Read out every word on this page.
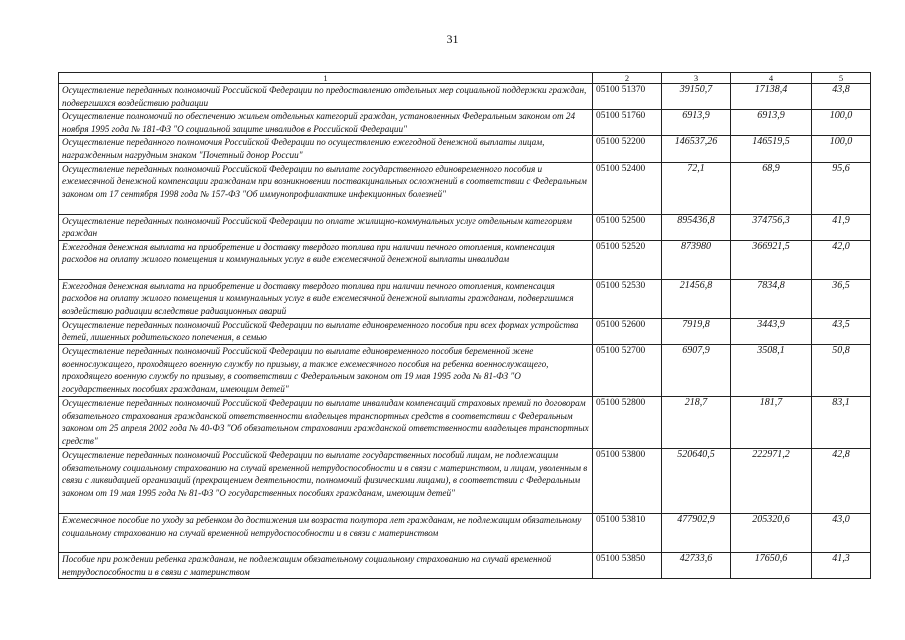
31
1	2	3	4	5
Осуществление переданных полномочий Российской Федерации по предоставлению отдельных мер социальной поддержки граждан, подвергшихся воздействию радиации	05100 51370	39150,7	17138,4	43,8
Осуществление полномочий по обеспечению жильем отдельных категорий граждан, установленных Федеральным законом от 24 ноября 1995 года № 181-ФЗ "О социальной защите инвалидов в Российской Федерации"	05100 51760	6913,9	6913,9	100,0
Осуществление переданного полномочия Российской Федерации по осуществлению ежегодной денежной выплаты лицам, награжденным нагрудным знаком "Почетный донор России"	05100 52200	146537,26	146519,5	100,0
Осуществление переданных полномочий Российской Федерации по выплате государственного единовременного пособия и ежемесячной денежной компенсации гражданам при возникновении поствакцинальных осложнений в соответствии с Федеральным законом от 17 сентября 1998 года № 157-ФЗ "Об иммунопрофилактике инфекционных болезней"	05100 52400	72,1	68,9	95,6
Осуществление переданных полномочий Российской Федерации по оплате жилищно-коммунальных услуг отдельным категориям граждан	05100 52500	895436,8	374756,3	41,9
Ежегодная денежная выплата на приобретение и доставку твердого топлива при наличии печного отопления, компенсация расходов на оплату жилого помещения и коммунальных услуг в виде ежемесячной денежной выплаты инвалидам	05100 52520	873980	366921,5	42,0
Ежегодная денежная выплата на приобретение и доставку твердого топлива при наличии печного отопления, компенсация расходов на оплату жилого помещения и коммунальных услуг в виде ежемесячной денежной выплаты гражданам, подвергшимся воздействию радиации вследствие радиационных аварий	05100 52530	21456,8	7834,8	36,5
Осуществление переданных полномочий Российской Федерации по выплате единовременного пособия при всех формах устройства детей, лишенных родительского попечения, в семью	05100 52600	7919,8	3443,9	43,5
Осуществление переданных полномочий Российской Федерации по выплате единовременного пособия беременной жене военнослужащего, проходящего военную службу по призыву, а также ежемесячного пособия на ребенка военнослужащего, проходящего военную службу по призыву, в соответствии с Федеральным законом от 19 мая 1995 года № 81-ФЗ "О государственных пособиях гражданам, имеющим детей"	05100 52700	6907,9	3508,1	50,8
Осуществление переданных полномочий Российской Федерации по выплате инвалидам компенсаций страховых премий по договорам обязательного страхования гражданской ответственности владельцев транспортных средств в соответствии с Федеральным законом от 25 апреля 2002 года № 40-ФЗ "Об обязательном страховании гражданской ответственности владельцев транспортных средств"	05100 52800	218,7	181,7	83,1
Осуществление переданных полномочий Российской Федерации по выплате государственных пособий лицам, не подлежащим обязательному социальному страхованию на случай временной нетрудоспособности и в связи с материнством, и лицам, уволенным в связи с ликвидацией организаций (прекращением деятельности, полномочий физическими лицами), в соответствии с Федеральным законом от 19 мая 1995 года № 81-ФЗ "О государственных пособиях гражданам, имеющим детей"	05100 53800	520640,5	222971,2	42,8
Ежемесячное пособие по уходу за ребенком до достижения им возраста полутора лет гражданам, не подлежащим обязательному социальному страхованию на случай временной нетрудоспособности и в связи с материнством	05100 53810	477902,9	205320,6	43,0
Пособие при рождении ребенка гражданам, не подлежащим обязательному социальному страхованию на случай временной нетрудоспособности и в связи с материнством	05100 53850	42733,6	17650,6	41,3
